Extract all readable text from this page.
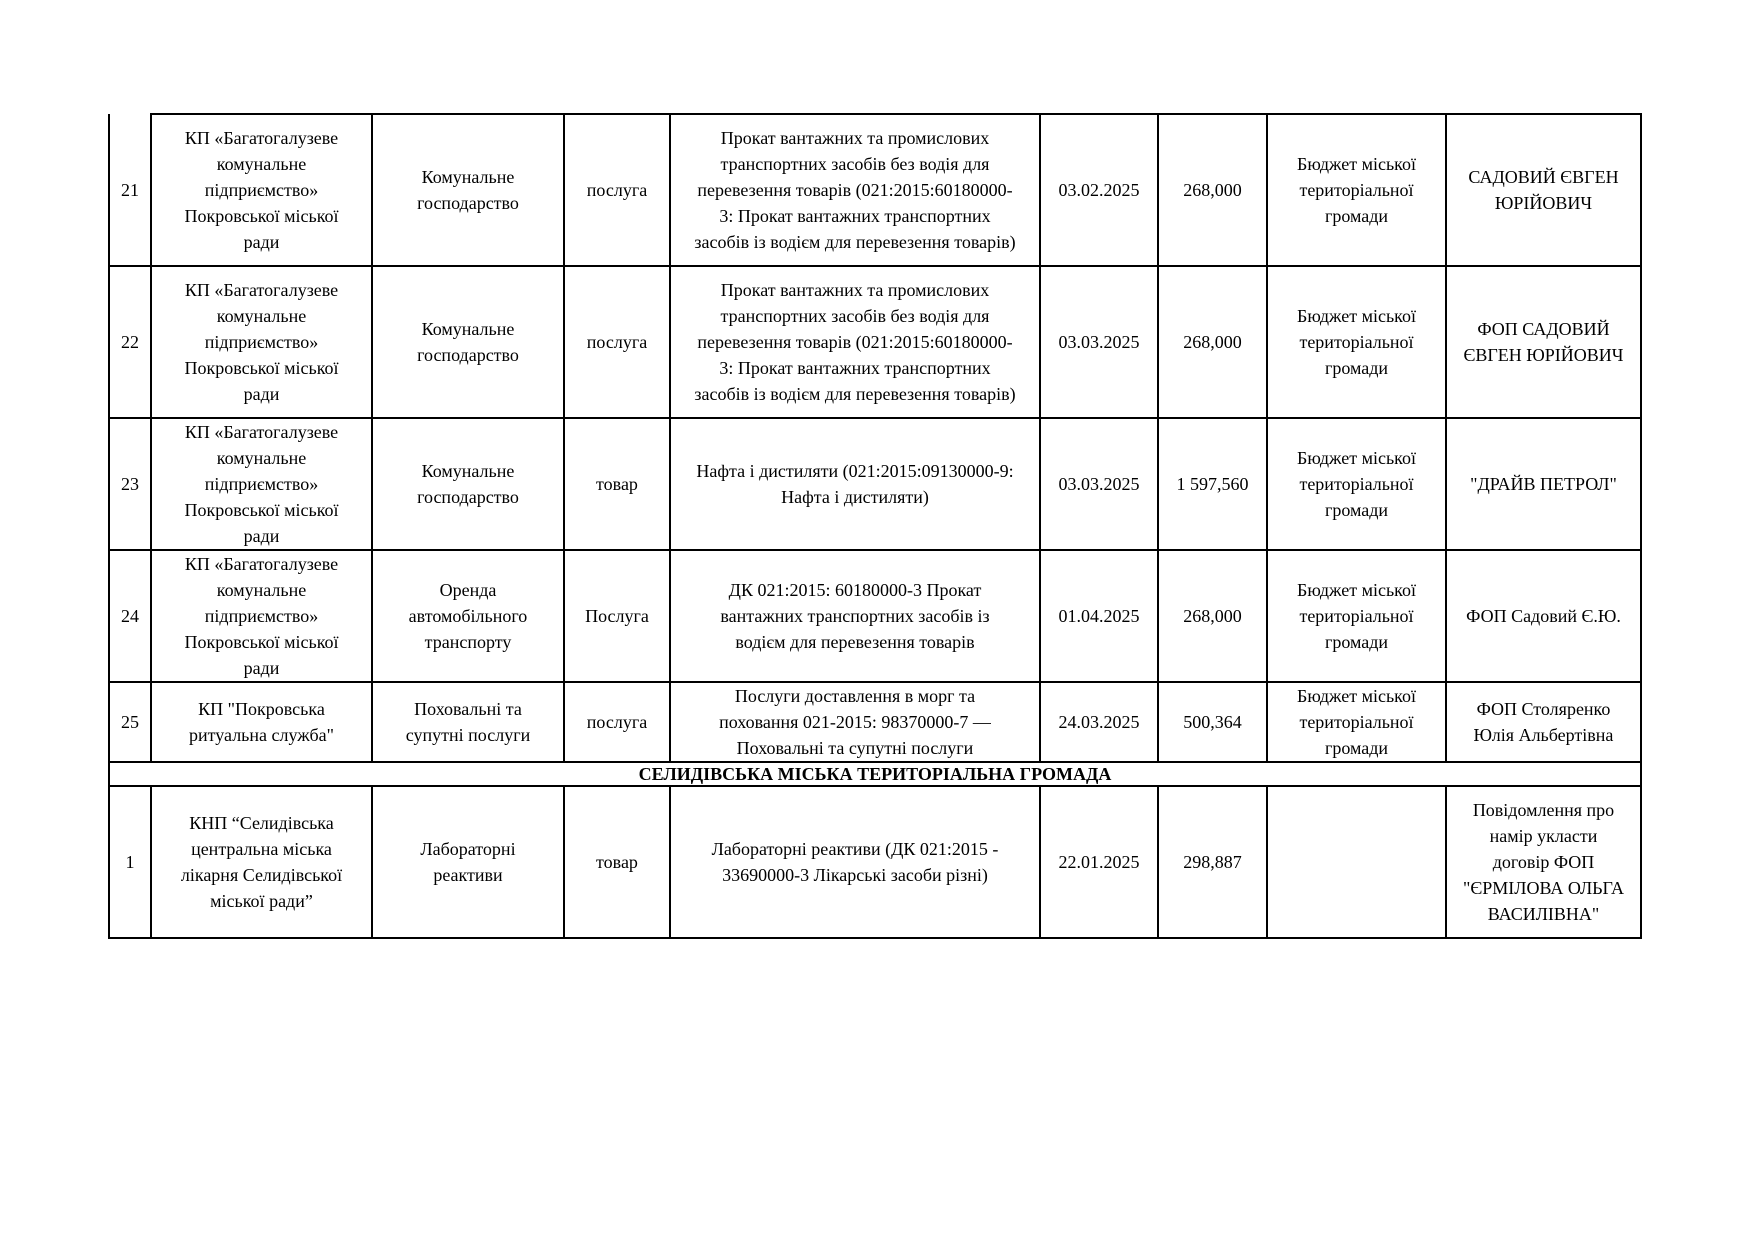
21	КП «Багатогалузеве
комунальне
підприємство»
Покровської міської
ради	Комунальне
господарство	послуга	Прокат вантажних та промислових
транспортних засобів без водія для
перевезення товарів (021:2015:60180000-
3: Прокат вантажних транспортних
засобів із водієм для перевезення товарів)	03.02.2025	268,000	Бюджет міської
територіальної
громади	САДОВИЙ ЄВГЕН
ЮРІЙОВИЧ

22	КП «Багатогалузеве
комунальне
підприємство»
Покровської міської
ради	Комунальне
господарство	послуга	Прокат вантажних та промислових
транспортних засобів без водія для
перевезення товарів (021:2015:60180000-
3: Прокат вантажних транспортних
засобів із водієм для перевезення товарів)	03.03.2025	268,000	Бюджет міської
територіальної
громади	ФОП САДОВИЙ
ЄВГЕН ЮРІЙОВИЧ

23	КП «Багатогалузеве
комунальне
підприємство»
Покровської міської
ради	Комунальне
господарство	товар	Нафта і дистиляти (021:2015:09130000-9:
Нафта і дистиляти)	03.03.2025	1 597,560	Бюджет міської
територіальної
громади	"ДРАЙВ ПЕТРОЛ"

24	КП «Багатогалузеве
комунальне
підприємство»
Покровської міської
ради	Оренда
автомобільного
транспорту	Послуга	ДК 021:2015: 60180000-3 Прокат
вантажних транспортних засобів із
водієм для перевезення товарів	01.04.2025	268,000	Бюджет міської
територіальної
громади	ФОП Садовий Є.Ю.

25	КП "Покровська
ритуальна служба"	Поховальні та
супутні послуги	послуга	Послуги доставлення в морг та
поховання 021-2015: 98370000-7 —
Поховальні та супутні послуги	24.03.2025	500,364	Бюджет міської
територіальної
громади	ФОП Столяренко
Юлія Альбертівна

СЕЛИДІВСЬКА МІСЬКА ТЕРИТОРІАЛЬНА ГРОМАДА								

1	КНП “Селидівська
центральна міська
лікарня Селидівської
міської ради”	Лабораторні
реактиви	товар	Лабораторні реактиви (ДК 021:2015 -
33690000-3 Лікарські засоби різні)	22.01.2025	298,887		Повідомлення про
намір укласти
договір ФОП
"ЄРМІЛОВА ОЛЬГА
ВАСИЛІВНА"
